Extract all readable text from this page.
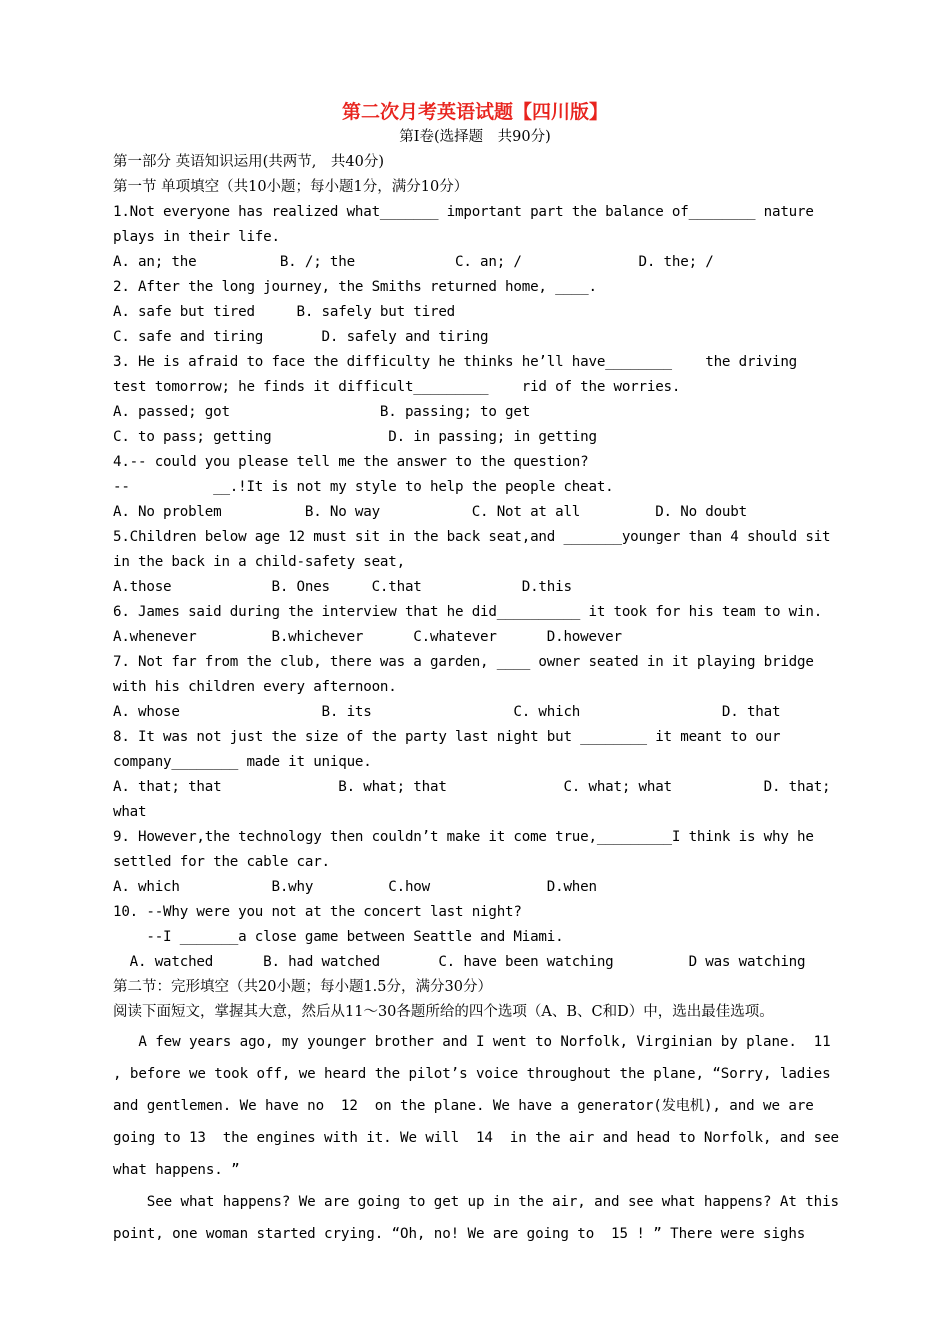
第二次月考英语试题【四川版】
第Ⅰ卷(选择题　共90分)
第一部分 英语知识运用(共两节,　共40分)
第一节 单项填空（共10小题；每小题1分，满分10分）
1.Not everyone has realized what_______ important part the balance of________ nature
plays in their life.
A. an; the          B. /; the            C. an; /              D. the; /
2. After the long journey, the Smiths returned home, ____.
A. safe but tired     B. safely but tired
C. safe and tiring       D. safely and tiring
3. He is afraid to face the difficulty he thinks he’ll have________    the driving
test tomorrow; he finds it difficult_________    rid of the worries.
A. passed; got                  B. passing; to get
C. to pass; getting              D. in passing; in getting
4.-- could you please tell me the answer to the question?
--          __.!It is not my style to help the people cheat.
A. No problem          B. No way           C. Not at all         D. No doubt
5.Children below age 12 must sit in the back seat,and _______younger than 4 should sit
in the back in a child-safety seat,
A.those            B. Ones     C.that            D.this
6. James said during the interview that he did__________ it took for his team to win.
A.whenever         B.whichever      C.whatever      D.however
7. Not far from the club, there was a garden, ____ owner seated in it playing bridge
with his children every afternoon.
A. whose                 B. its                 C. which                 D. that
8. It was not just the size of the party last night but ________ it meant to our
company________ made it unique.
A. that; that              B. what; that              C. what; what           D. that;
what
9. However,the technology then couldn’t make it come true,_________I think is why he
settled for the cable car.
A. which           B.why         C.how              D.when
10. --Why were you not at the concert last night?
--I _______a close game between Seattle and Miami.
A. watched      B. had watched       C. have been watching         D was watching
第二节：完形填空（共20小题；每小题1.5分，满分30分）
阅读下面短文，掌握其大意，然后从11～30各题所给的四个选项（A、B、C和D）中，选出最佳选项。
A few years ago, my younger brother and I went to Norfolk, Virginian by plane.  11
, before we took off, we heard the pilot’s voice throughout the plane, “Sorry, ladies
and gentlemen. We have no  12  on the plane. We have a generator(发电机), and we are
going to 13  the engines with it. We will  14  in the air and head to Norfolk, and see
what happens. ”
See what happens? We are going to get up in the air, and see what happens? At this
point, one woman started crying. “Oh, no! We are going to  15 ! ” There were sighs
